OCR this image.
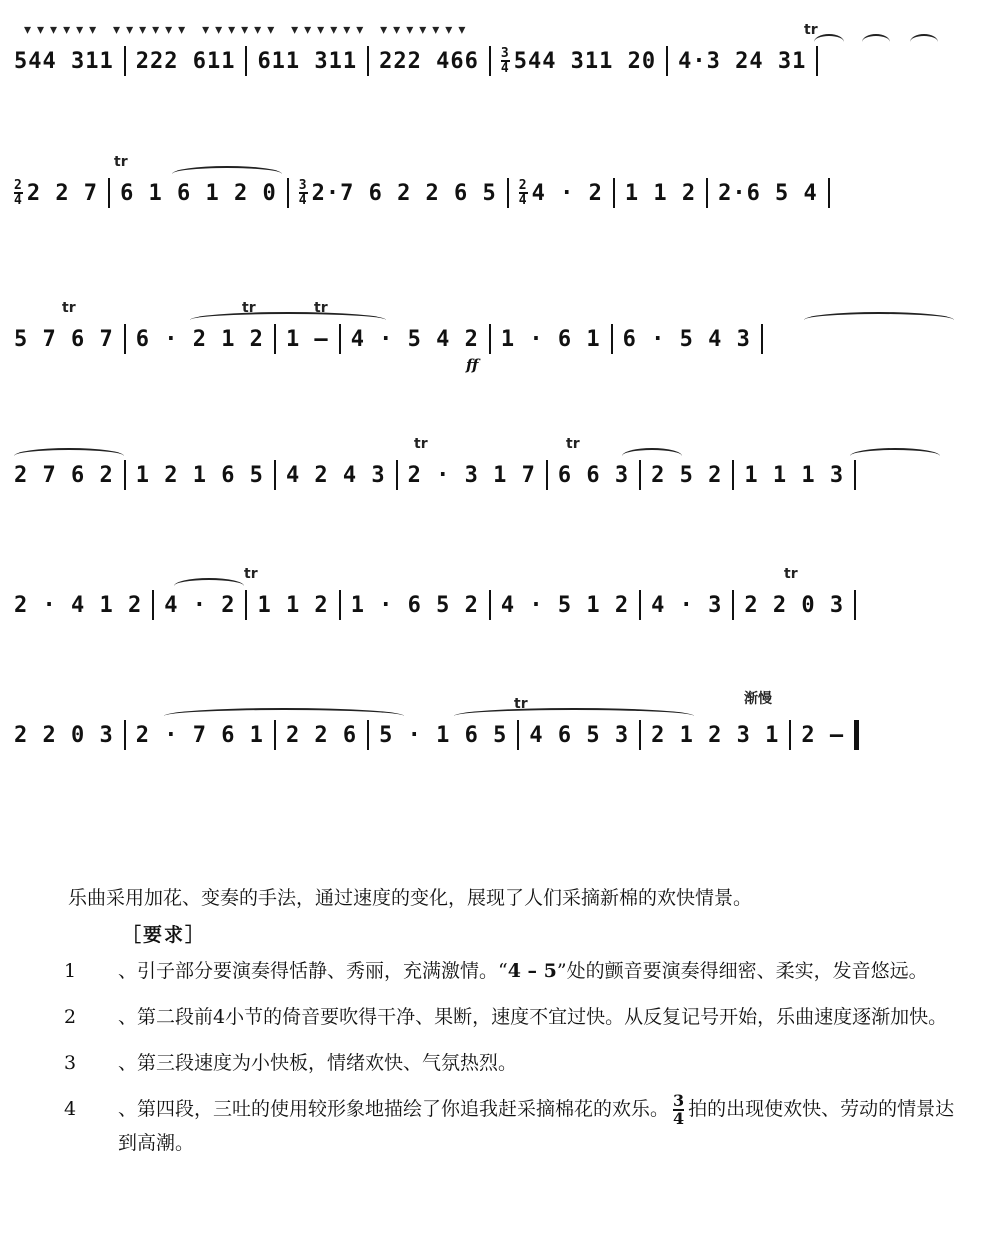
tr
▾▾▾▾▾▾ ▾▾▾▾▾▾ ▾▾▾▾▾▾ ▾▾▾▾▾▾ ▾▾▾▾▾▾▾
544 311 222 611 611 311 222 466 3
4 544 311 20 4·3 24 31
tr
2
4 2 2 7 6 1 6 1 2 0 3
4 2·7 6 2 2 6 5 2
4 4 · 2 1 1 2 2·6 5 4
tr	tr	tr
5 7 6 7 6 · 2 1 2 1 – 4 · 5 4 2 1 · 6 1 6 · 5 4 3
ff
tr	tr
2 7 6 2 1 2 1 6 5 4 2 4 3 2 · 3 1 7 6 6 3 2 5 2 1 1 1 3
tr	tr
2 · 4 1 2 4 · 2 1 1 2 1 · 6 5 2 4 · 5 1 2 4 · 3 2 2 0 3
tr	渐慢
2 2 0 3 2 · 7 6 1 2 2 6 5 · 1 6 5 4 6 5 3 2 1 2 3 1 2 –
乐曲采用加花、变奏的手法，通过速度的变化，展现了人们采摘新棉的欢快情景。
［要求］
1 、引子部分要演奏得恬静、秀丽，充满激情。“4 – 5”处的颤音要演奏得细密、柔实，发音悠远。
2 、第二段前4小节的倚音要吹得干净、果断，速度不宜过快。从反复记号开始，乐曲速度逐渐加快。
3 、第三段速度为小快板，情绪欢快、气氛热烈。
4 、第四段，三吐的使用较形象地描绘了你追我赶采摘棉花的欢乐。 $\frac{3}{4}$ 拍的出现使欢快、劳动的情景达到高潮。
